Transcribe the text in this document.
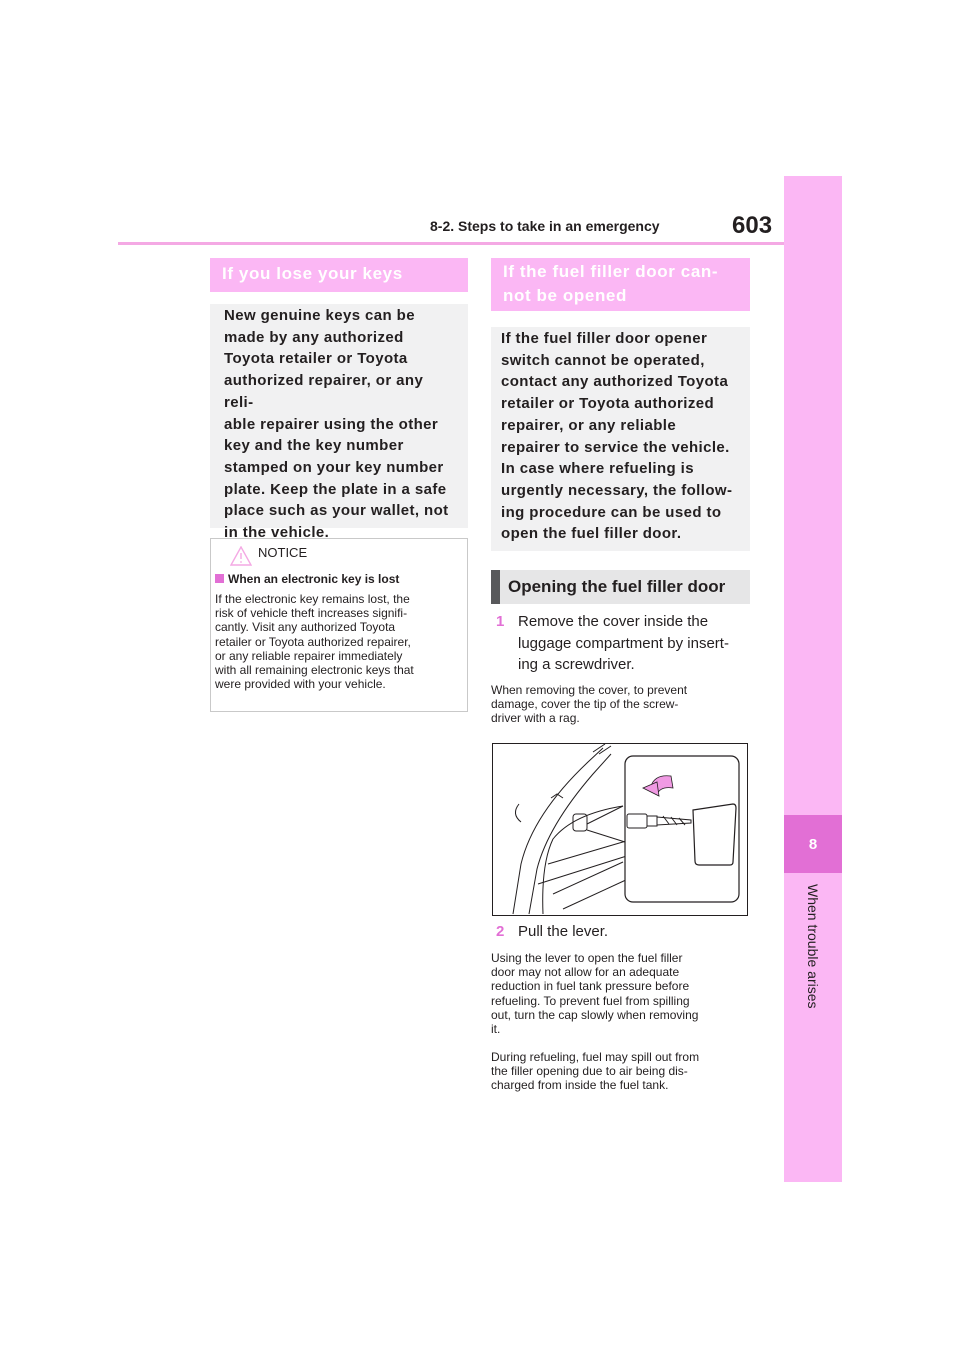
8-2. Steps to take in an emergency	603
8
When trouble arises
If you lose your keys

New genuine keys can be

made by any authorized

Toyota retailer or Toyota

authorized repairer, or any reli-

able repairer using the other

key and the key number

stamped on your key number

plate. Keep the plate in a safe

place such as your wallet, not

in the vehicle.

NOTICE
When an electronic key is lost

If the electronic key remains lost, the

risk of vehicle theft increases signifi-

cantly. Visit any authorized Toyota

retailer or Toyota authorized repairer,

or any reliable repairer immediately

with all remaining electronic keys that

were provided with your vehicle.

If the fuel filler door can-

not be opened

If the fuel filler door opener

switch cannot be operated,

contact any authorized Toyota

retailer or Toyota authorized

repairer, or any reliable

repairer to service the vehicle.

In case where refueling is

urgently necessary, the follow-

ing procedure can be used to

open the fuel filler door.

Opening the fuel filler door

1 Remove the cover inside the

luggage compartment by insert-

ing a screwdriver.

When removing the cover, to prevent

damage, cover the tip of the screw-

driver with a rag.

2 Pull the lever.

Using the lever to open the fuel filler

door may not allow for an adequate

reduction in fuel tank pressure before

refueling. To prevent fuel from spilling

out, turn the cap slowly when removing

it.

During refueling, fuel may spill out from

the filler opening due to air being dis-

charged from inside the fuel tank.
